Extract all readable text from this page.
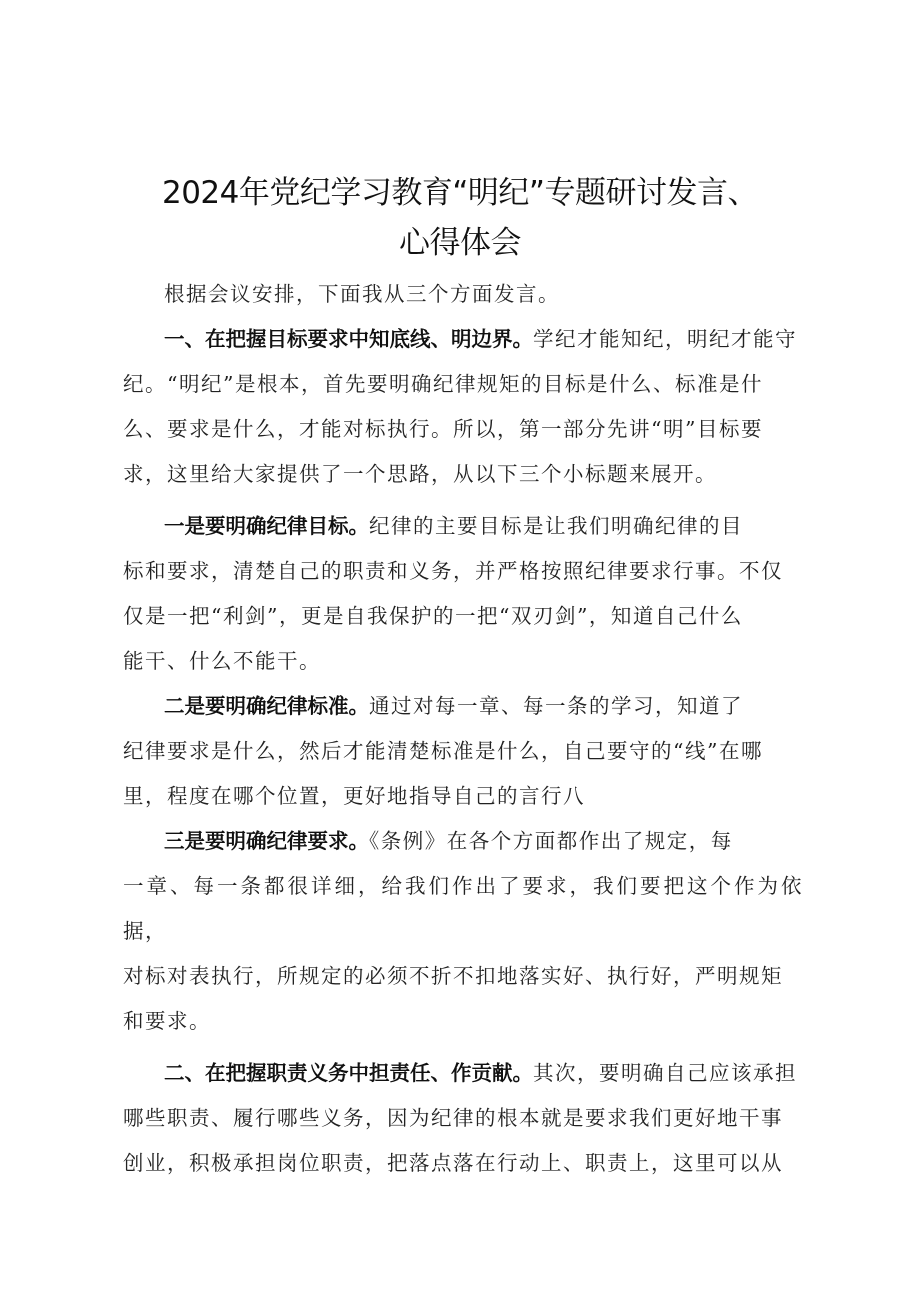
2024年党纪学习教育“明纪”专题研讨发言、
心得体会

根据会议安排，下面我从三个方面发言。

一、在把握目标要求中知底线、明边界。学纪才能知纪，明纪才能守
纪。“明纪”是根本，首先要明确纪律规矩的目标是什么、标准是什
么、要求是什么，才能对标执行。所以，第一部分先讲“明”目标要
求，这里给大家提供了一个思路，从以下三个小标题来展开。

一是要明确纪律目标。纪律的主要目标是让我们明确纪律的目
标和要求，清楚自己的职责和义务，并严格按照纪律要求行事。不仅
仅是一把“利剑”，更是自我保护的一把“双刃剑”，知道自己什么
能干、什么不能干。

二是要明确纪律标准。通过对每一章、每一条的学习，知道了
纪律要求是什么，然后才能清楚标准是什么，自己要守的“线”在哪
里，程度在哪个位置，更好地指导自己的言行八

三是要明确纪律要求。《条例》在各个方面都作出了规定，每
一章、每一条都很详细，给我们作出了要求，我们要把这个作为依据，
对标对表执行，所规定的必须不折不扣地落实好、执行好，严明规矩
和要求。

二、在把握职责义务中担责任、作贡献。其次，要明确自己应该承担
哪些职责、履行哪些义务，因为纪律的根本就是要求我们更好地干事
创业，积极承担岗位职责，把落点落在行动上、职责上，这里可以从
